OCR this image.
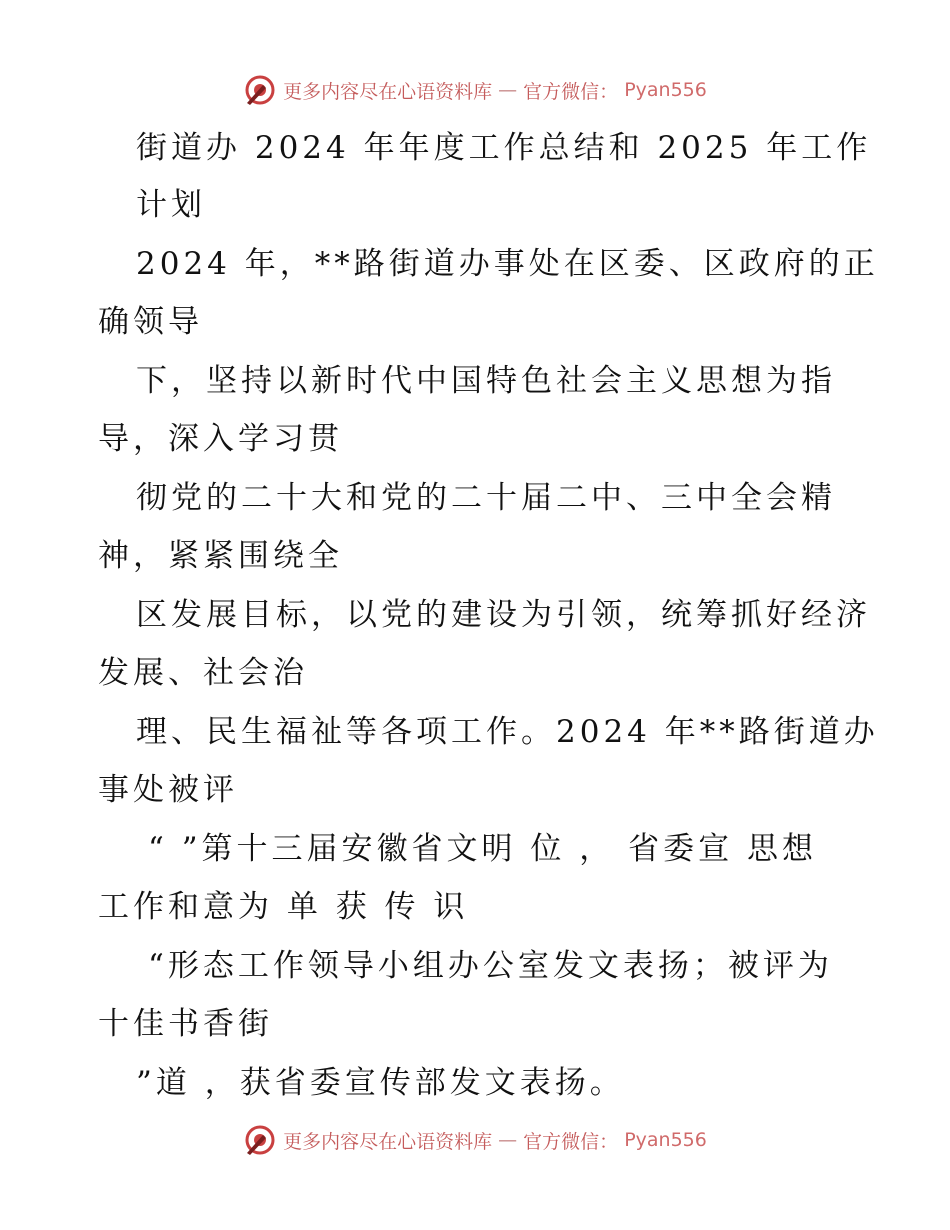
更多内容尽在心语资料库 — 官方微信： Pyan556
街道办 2024 年年度工作总结和 2025 年工作
计划
2024 年，**路街道办事处在区委、区政府的正
确领导
下，坚持以新时代中国特色社会主义思想为指
导，深入学习贯
彻党的二十大和党的二十届二中、三中全会精
神，紧紧围绕全
区发展目标，以党的建设为引领，统筹抓好经济
发展、社会治
理、民生福祉等各项工作。2024 年**路街道办
事处被评
“ ”第十三届安徽省文明 位 ， 省委宣 思想
工作和意为 单 获 传 识
“形态工作领导小组办公室发文表扬；被评为
十佳书香街
”道 ，获省委宣传部发文表扬。
更多内容尽在心语资料库 — 官方微信： Pyan556
